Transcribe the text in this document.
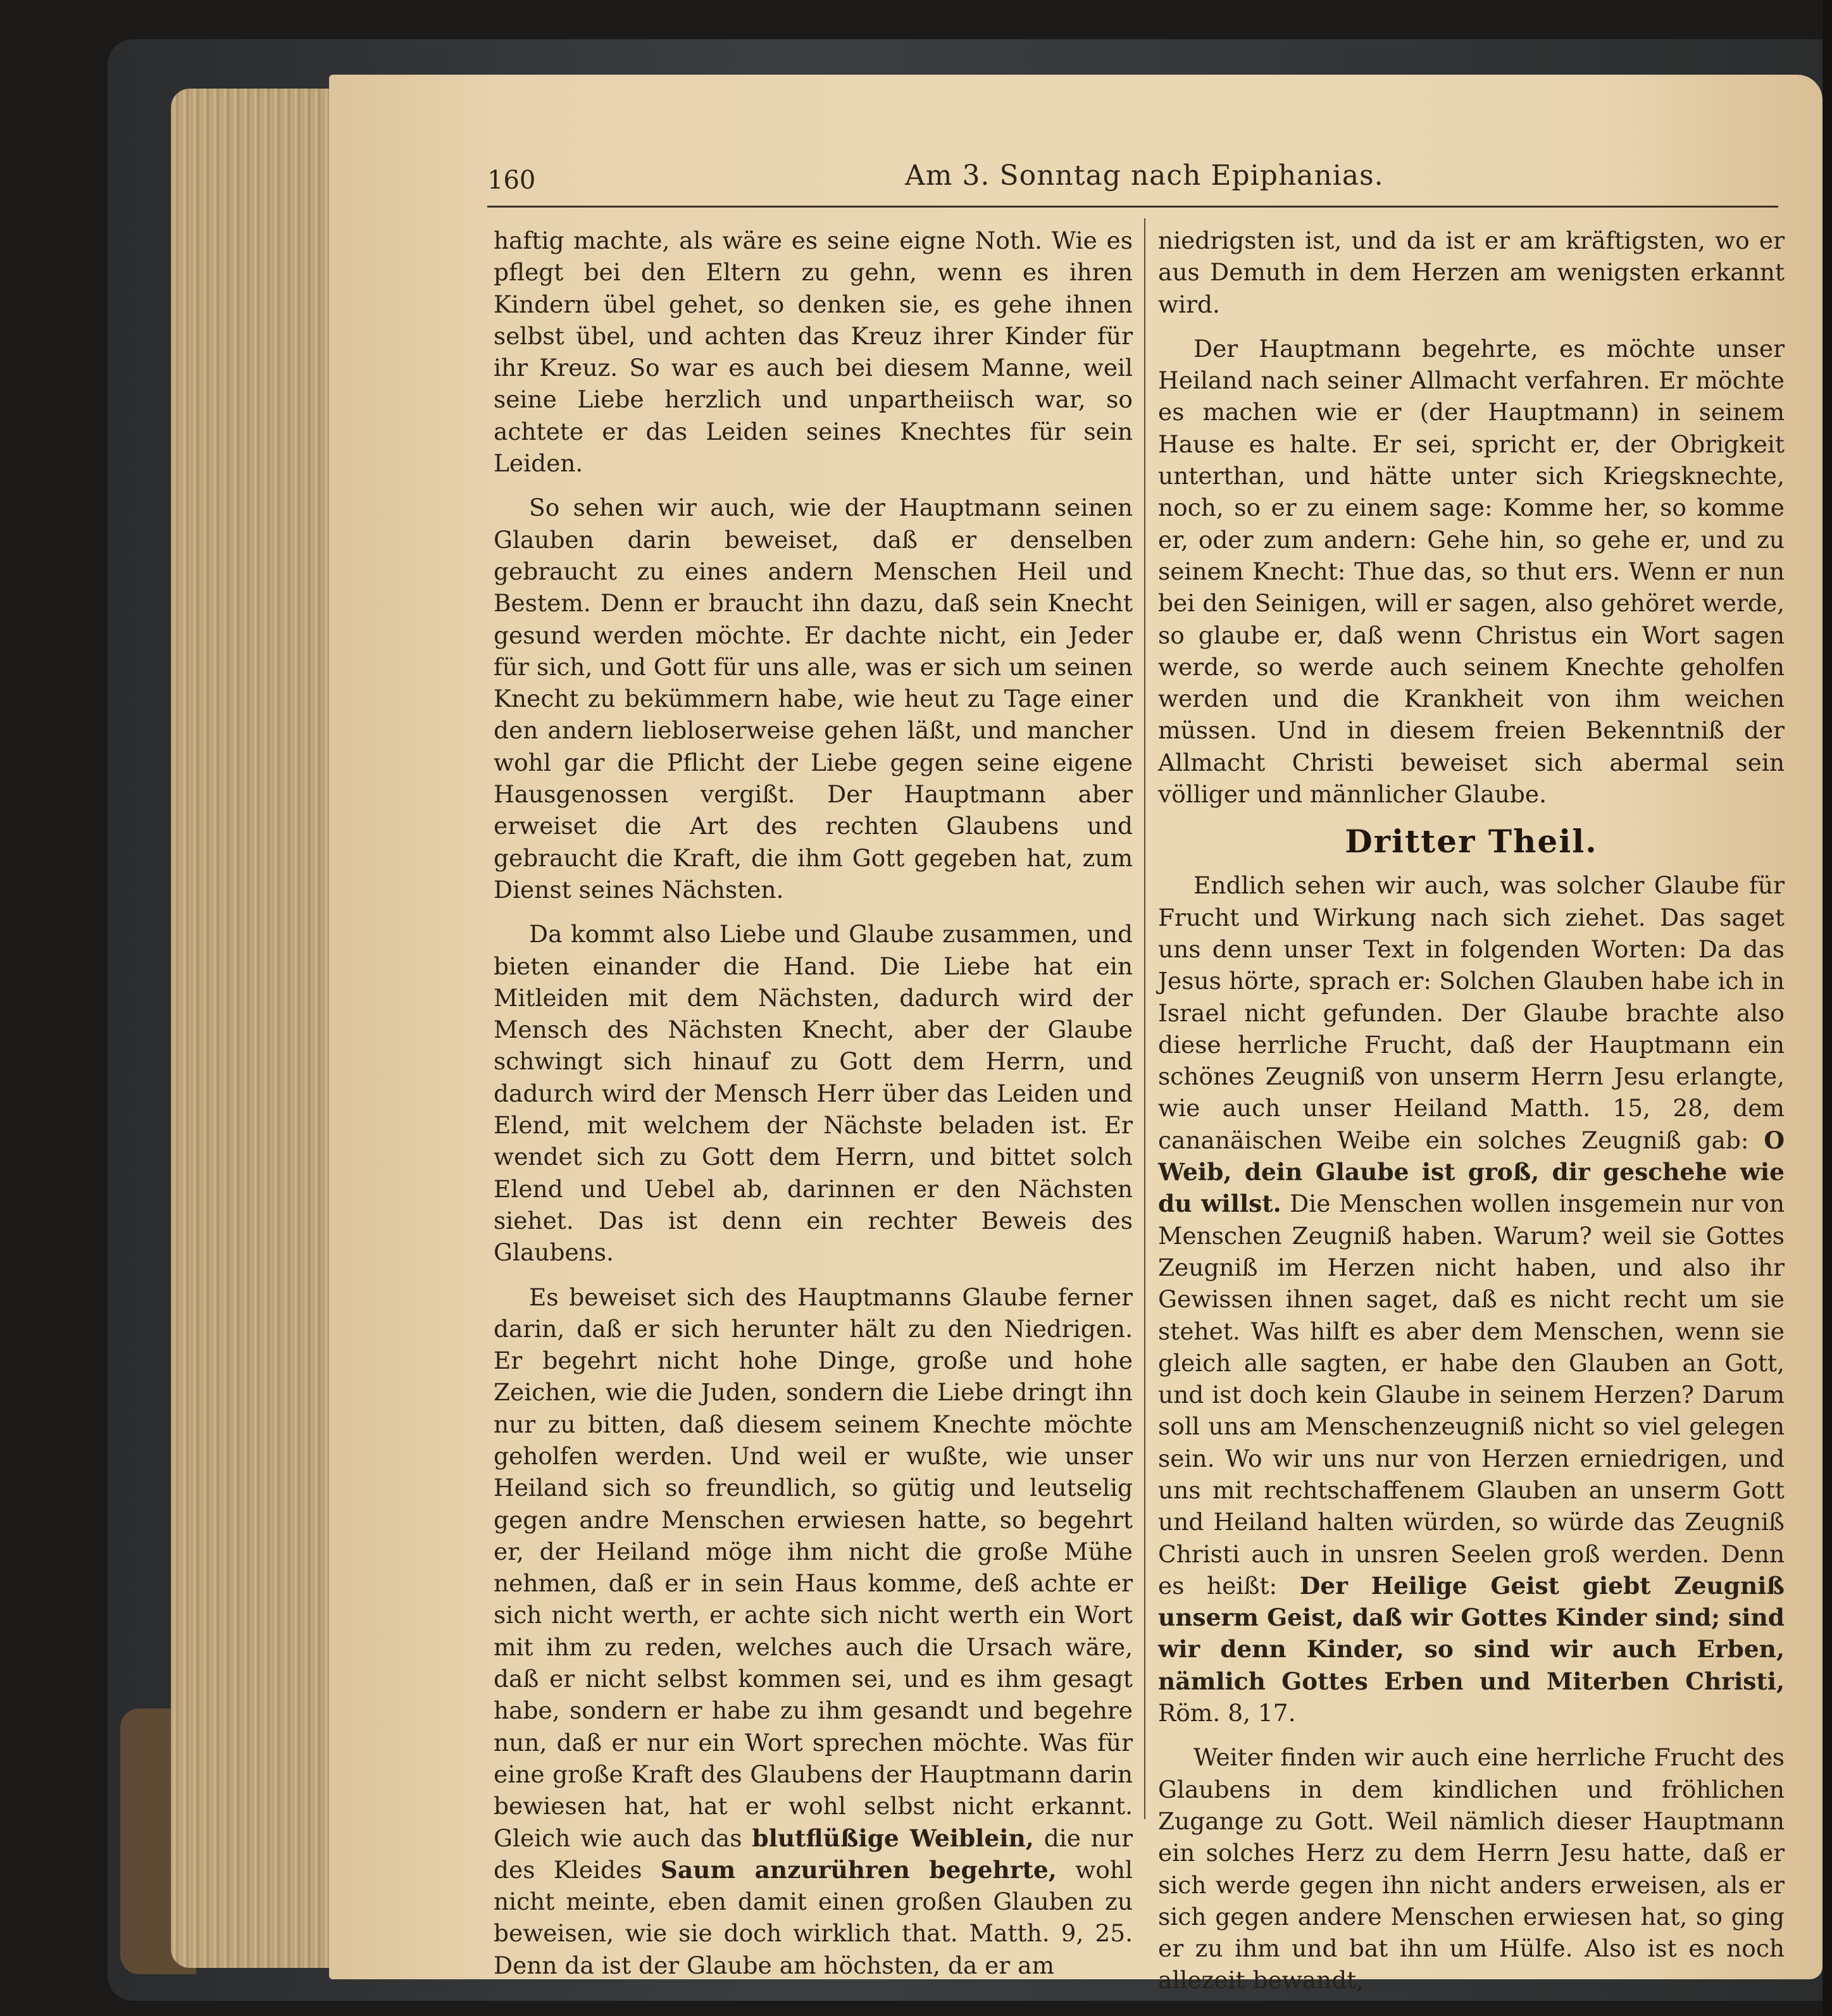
160	Am 3. Sonntag nach Epiphanias.

haftig machte, als wäre es seine eigne Noth. Wie es pflegt bei den Eltern zu gehn, wenn es ihren Kindern übel gehet, so denken sie, es gehe ihnen selbst übel, und achten das Kreuz ihrer Kinder für ihr Kreuz. So war es auch bei diesem Manne, weil seine Liebe herzlich und unpartheiisch war, so achtete er das Leiden seines Knechtes für sein Leiden.

So sehen wir auch, wie der Hauptmann seinen Glauben darin beweiset, daß er denselben gebraucht zu eines andern Menschen Heil und Bestem. Denn er braucht ihn dazu, daß sein Knecht gesund werden möchte. Er dachte nicht, ein Jeder für sich, und Gott für uns alle, was er sich um seinen Knecht zu bekümmern habe, wie heut zu Tage einer den andern liebloserweise gehen läßt, und mancher wohl gar die Pflicht der Liebe gegen seine eigene Hausgenossen vergißt. Der Hauptmann aber erweiset die Art des rechten Glaubens und gebraucht die Kraft, die ihm Gott gegeben hat, zum Dienst seines Nächsten.

Da kommt also Liebe und Glaube zusammen, und bieten einander die Hand. Die Liebe hat ein Mitleiden mit dem Nächsten, dadurch wird der Mensch des Nächsten Knecht, aber der Glaube schwingt sich hinauf zu Gott dem Herrn, und dadurch wird der Mensch Herr über das Leiden und Elend, mit welchem der Nächste beladen ist. Er wendet sich zu Gott dem Herrn, und bittet solch Elend und Uebel ab, darinnen er den Nächsten siehet. Das ist denn ein rechter Beweis des Glaubens.

Es beweiset sich des Hauptmanns Glaube ferner darin, daß er sich herunter hält zu den Niedrigen. Er begehrt nicht hohe Dinge, große und hohe Zeichen, wie die Juden, sondern die Liebe dringt ihn nur zu bitten, daß diesem seinem Knechte möchte geholfen werden. Und weil er wußte, wie unser Heiland sich so freundlich, so gütig und leutselig gegen andre Menschen erwiesen hatte, so begehrt er, der Heiland möge ihm nicht die große Mühe nehmen, daß er in sein Haus komme, deß achte er sich nicht werth, er achte sich nicht werth ein Wort mit ihm zu reden, welches auch die Ursach wäre, daß er nicht selbst kommen sei, und es ihm gesagt habe, sondern er habe zu ihm gesandt und begehre nun, daß er nur ein Wort sprechen möchte. Was für eine große Kraft des Glaubens der Hauptmann darin bewiesen hat, hat er wohl selbst nicht erkannt. Gleich wie auch das blutflüßige Weiblein, die nur des Kleides Saum anzurühren begehrte, wohl nicht meinte, eben damit einen großen Glauben zu beweisen, wie sie doch wirklich that. Matth. 9, 25. Denn da ist der Glaube am höchsten, da er am

niedrigsten ist, und da ist er am kräftigsten, wo er aus Demuth in dem Herzen am wenigsten erkannt wird.

Der Hauptmann begehrte, es möchte unser Heiland nach seiner Allmacht verfahren. Er möchte es machen wie er (der Hauptmann) in seinem Hause es halte. Er sei, spricht er, der Obrigkeit unterthan, und hätte unter sich Kriegsknechte, noch, so er zu einem sage: Komme her, so komme er, oder zum andern: Gehe hin, so gehe er, und zu seinem Knecht: Thue das, so thut ers. Wenn er nun bei den Seinigen, will er sagen, also gehöret werde, so glaube er, daß wenn Christus ein Wort sagen werde, so werde auch seinem Knechte geholfen werden und die Krankheit von ihm weichen müssen. Und in diesem freien Bekenntniß der Allmacht Christi beweiset sich abermal sein völliger und männlicher Glaube.

Dritter Theil.

Endlich sehen wir auch, was solcher Glaube für Frucht und Wirkung nach sich ziehet. Das saget uns denn unser Text in folgenden Worten: Da das Jesus hörte, sprach er: Solchen Glauben habe ich in Israel nicht gefunden. Der Glaube brachte also diese herrliche Frucht, daß der Hauptmann ein schönes Zeugniß von unserm Herrn Jesu erlangte, wie auch unser Heiland Matth. 15, 28, dem cananäischen Weibe ein solches Zeugniß gab: O Weib, dein Glaube ist groß, dir geschehe wie du willst. Die Menschen wollen insgemein nur von Menschen Zeugniß haben. Warum? weil sie Gottes Zeugniß im Herzen nicht haben, und also ihr Gewissen ihnen saget, daß es nicht recht um sie stehet. Was hilft es aber dem Menschen, wenn sie gleich alle sagten, er habe den Glauben an Gott, und ist doch kein Glaube in seinem Herzen? Darum soll uns am Menschenzeugniß nicht so viel gelegen sein. Wo wir uns nur von Herzen erniedrigen, und uns mit rechtschaffenem Glauben an unserm Gott und Heiland halten würden, so würde das Zeugniß Christi auch in unsren Seelen groß werden. Denn es heißt: Der Heilige Geist giebt Zeugniß unserm Geist, daß wir Gottes Kinder sind; sind wir denn Kinder, so sind wir auch Erben, nämlich Gottes Erben und Miterben Christi, Röm. 8, 17.

Weiter finden wir auch eine herrliche Frucht des Glaubens in dem kindlichen und fröhlichen Zugange zu Gott. Weil nämlich dieser Hauptmann ein solches Herz zu dem Herrn Jesu hatte, daß er sich werde gegen ihn nicht anders erweisen, als er sich gegen andere Menschen erwiesen hat, so ging er zu ihm und bat ihn um Hülfe. Also ist es noch allezeit bewandt,
